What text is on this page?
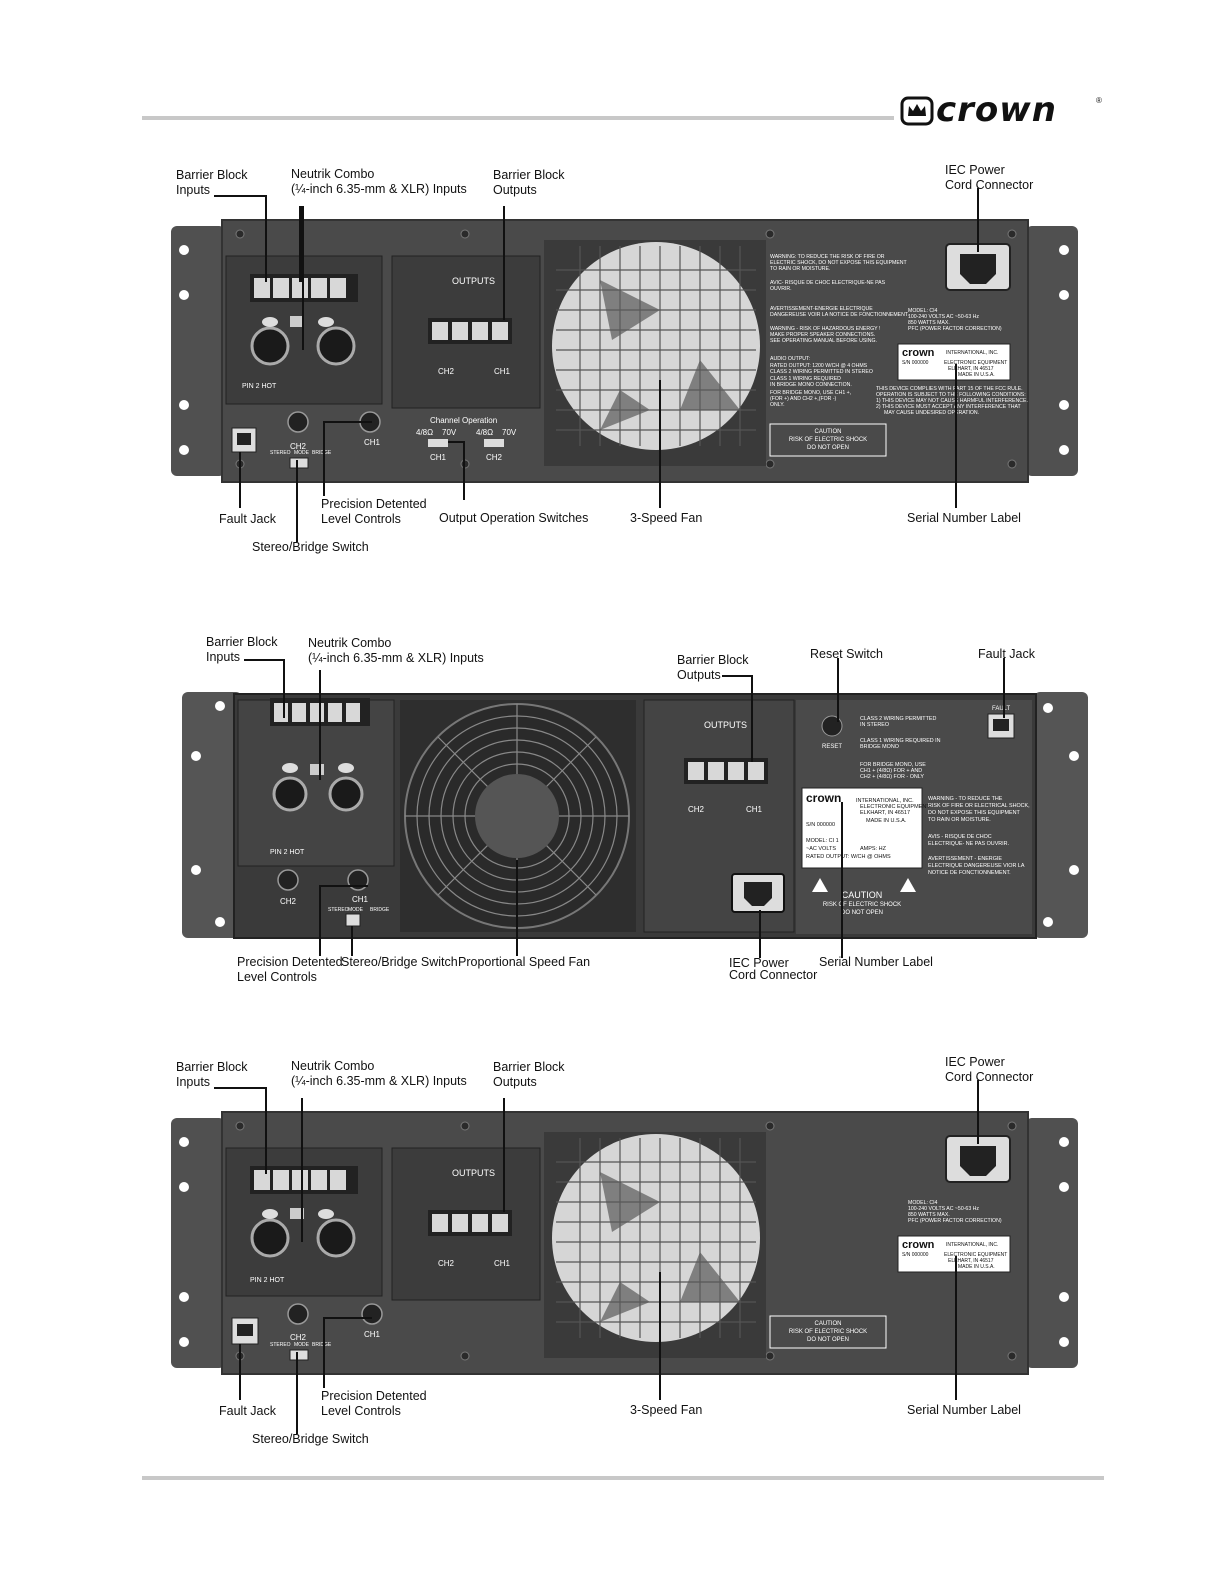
crown	®
PIN 2 HOT
OUTPUTS
CH2	CH1
CH2	CH1
STEREO MODE BRIDGE
Channel Operation
4/8Ω 70V 4/8Ω 70V
CH1	CH2
WARNING: TO REDUCE THE RISK OF FIRE OR
ELECTRIC SHOCK, DO NOT EXPOSE THIS EQUIPMENT
TO RAIN OR MOISTURE.
AVIC- RISQUE DE CHOC ELECTRIQUE-NE PAS
OUVRIR.
AVERTISSEMENT-ENERGIE ELECTRIQUE
DANGEREUSE VOIR LA NOTICE DE FONCTIONNEMENT.
WARNING - RISK OF HAZARDOUS ENERGY !
MAKE PROPER SPEAKER CONNECTIONS.
SEE OPERATING MANUAL BEFORE USING.
AUDIO OUTPUT:
RATED OUTPUT: 1200 W/CH @ 4 OHMS
CLASS 2 WIRING PERMITTED IN STEREO
CLASS 1 WIRING REQUIRED
IN BRIDGE MONO CONNECTION.
FOR BRIDGE MONO, USE CH1 +,
(FOR +) AND CH2 +,(FOR -)
ONLY.
MODEL: CI4
100-240 VOLTS AC ~50-63 Hz
850 WATTS MAX.
PFC (POWER FACTOR CORRECTION)
crown INTERNATIONAL, INC.
S/N 000000	ELECTRONIC EQUIPMENT
ELKHART, IN 46517
MADE IN U.S.A.
THIS DEVICE COMPLIES WITH PART 15 OF THE FCC RULE.
OPERATION IS SUBJECT TO THE FOLLOWING CONDITIONS:
1) THIS DEVICE MAY NOT CAUSE HARMFUL INTERFERENCE.
2) THIS DEVICE MUST ACCEPT ANY INTERFERENCE THAT
MAY CAUSE UNDESIRED OPERATION.
CAUTION
RISK OF ELECTRIC SHOCK
DO NOT OPEN
Barrier Block
Inputs
Neutrik Combo
(¼-inch 6.35-mm & XLR) Inputs
Barrier Block
Outputs
IEC Power
Cord Connector
Fault Jack
Precision Detented
Level Controls	Output Operation Switches	3-Speed Fan	Serial Number Label
Stereo/Bridge Switch
PIN 2 HOT
OUTPUTS
CH2	CH1
RESET
FAULT
CLASS 2 WIRING PERMITTED
IN STEREO
CLASS 1 WIRING REQUIRED IN
BRIDGE MONO
FOR BRIDGE MONO, USE
CH1 + (4/8Ω) FOR + AND
CH2 + (4/8Ω) FOR - ONLY
crown	INTERNATIONAL, INC.
ELECTRONIC EQUIPMENT
ELKHART, IN 46517
S/N 000000
MADE IN U.S.A.
MODEL: CI 1
~AC VOLTS	AMPS: HZ
RATED OUTPUT: W/CH @ OHMS
WARNING - TO REDUCE THE
RISK OF FIRE OR ELECTRICAL SHOCK,
DO NOT EXPOSE THIS EQUIPMENT
TO RAIN OR MOISTURE.
AVIS - RISQUE DE CHOC
ELECTRIQUE- NE PAS OUVRIR.
AVERTISSEMENT - ENERGIE
ELECTRIQUE DANGEREUSE VIOR LA
NOTICE DE FONCTIONNEMENT.
CAUTION
RISK OF ELECTRIC SHOCK
DO NOT OPEN
CH2	CH1
STEREO MODE BRIDGE
Barrier Block
Inputs
Neutrik Combo
(¼-inch 6.35-mm & XLR) Inputs	Barrier Block
Outputs
Reset Switch	Fault Jack
Precision Detented
Level Controls
Stereo/Bridge Switch Proportional Speed Fan	IEC Power
Cord Connector
Serial Number Label
PIN 2 HOT
OUTPUTS
CH2	CH1
CH2	CH1
STEREO MODE BRIDGE
MODEL: CI4
100-240 VOLTS AC ~50-63 Hz
850 WATTS MAX.
PFC (POWER FACTOR CORRECTION)
crown INTERNATIONAL, INC.
S/N 000000	ELECTRONIC EQUIPMENT
ELKHART, IN 46517
MADE IN U.S.A.
CAUTION
RISK OF ELECTRIC SHOCK
DO NOT OPEN
Barrier Block
Inputs
Neutrik Combo
(¼-inch 6.35-mm & XLR) Inputs
Barrier Block
Outputs
IEC Power
Cord Connector
Fault Jack
Precision Detented
Level Controls	3-Speed Fan	Serial Number Label
Stereo/Bridge Switch
